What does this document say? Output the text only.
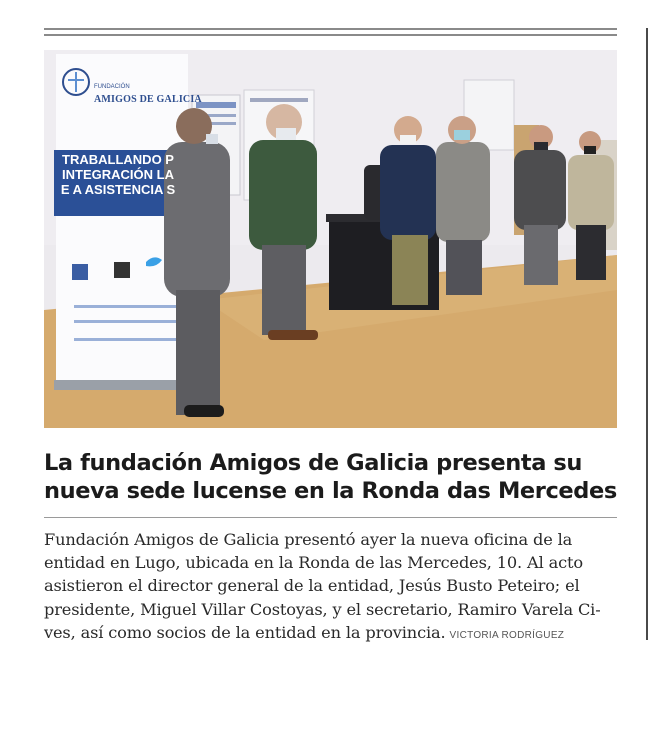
FUNDACIÓN
AMIGOS DE GALICIA
TRABALLANDO P
INTEGRACIÓN LA
E A ASISTENCIA S
La fundación Amigos de Galicia presenta su
nueva sede lucense en la Ronda das Mercedes
Fundación Amigos de Galicia presentó ayer la nueva oficina de la
entidad en Lugo, ubicada en la Ronda de las Mercedes, 10. Al acto
asistieron el director general de la entidad, Jesús Busto Peteiro; el
presidente, Miguel Villar Costoyas, y el secretario, Ramiro Varela Ci-
ves, así como socios de la entidad en la provincia. VICTORIA RODRÍGUEZ
